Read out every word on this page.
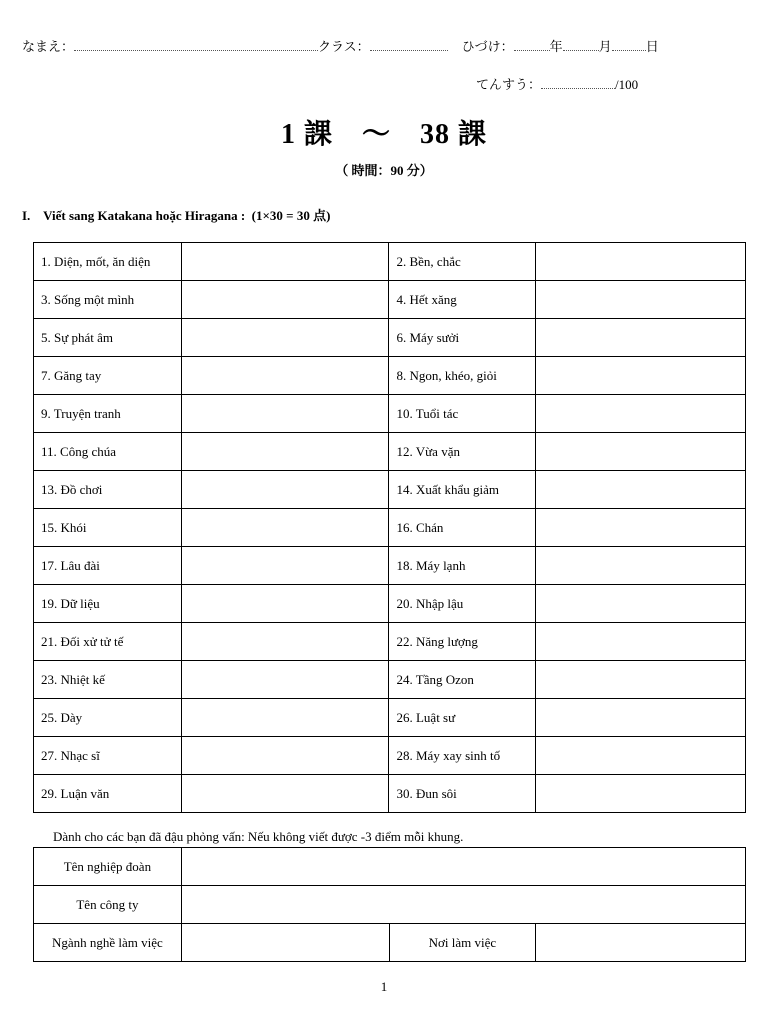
なまえ：	クラス：	ひづけ：	年	月	日
てんすう：	/100
1 課　～　38 課
（ 時間：90 分）
I.    Viết sang Katakana hoặc Hiragana :  (1×30 = 30 点)
1. Diện, mốt, ăn diện		2. Bền, chắc	
3. Sống một mình		4. Hết xăng	
5. Sự phát âm		6. Máy sưởi	
7. Găng tay		8. Ngon, khéo, giỏi	
9. Truyện tranh		10. Tuổi tác	
11. Công chúa		12. Vừa vặn	
13. Đồ chơi		14. Xuất khẩu giảm	
15. Khói		16. Chán	
17. Lâu đài		18. Máy lạnh	
19. Dữ liệu		20. Nhập lậu	
21. Đối xử tử tế		22. Năng lượng	
23. Nhiệt kế		24. Tầng Ozon	
25. Dày		26. Luật sư	
27. Nhạc sĩ		28. Máy xay sinh tố	
29. Luận văn		30. Đun sôi	
Dành cho các bạn đã đậu phỏng vấn: Nếu không viết được -3 điểm mỗi khung.
Tên nghiệp đoàn			
Tên công ty			
Ngành nghề làm việc		Nơi làm việc	
1
